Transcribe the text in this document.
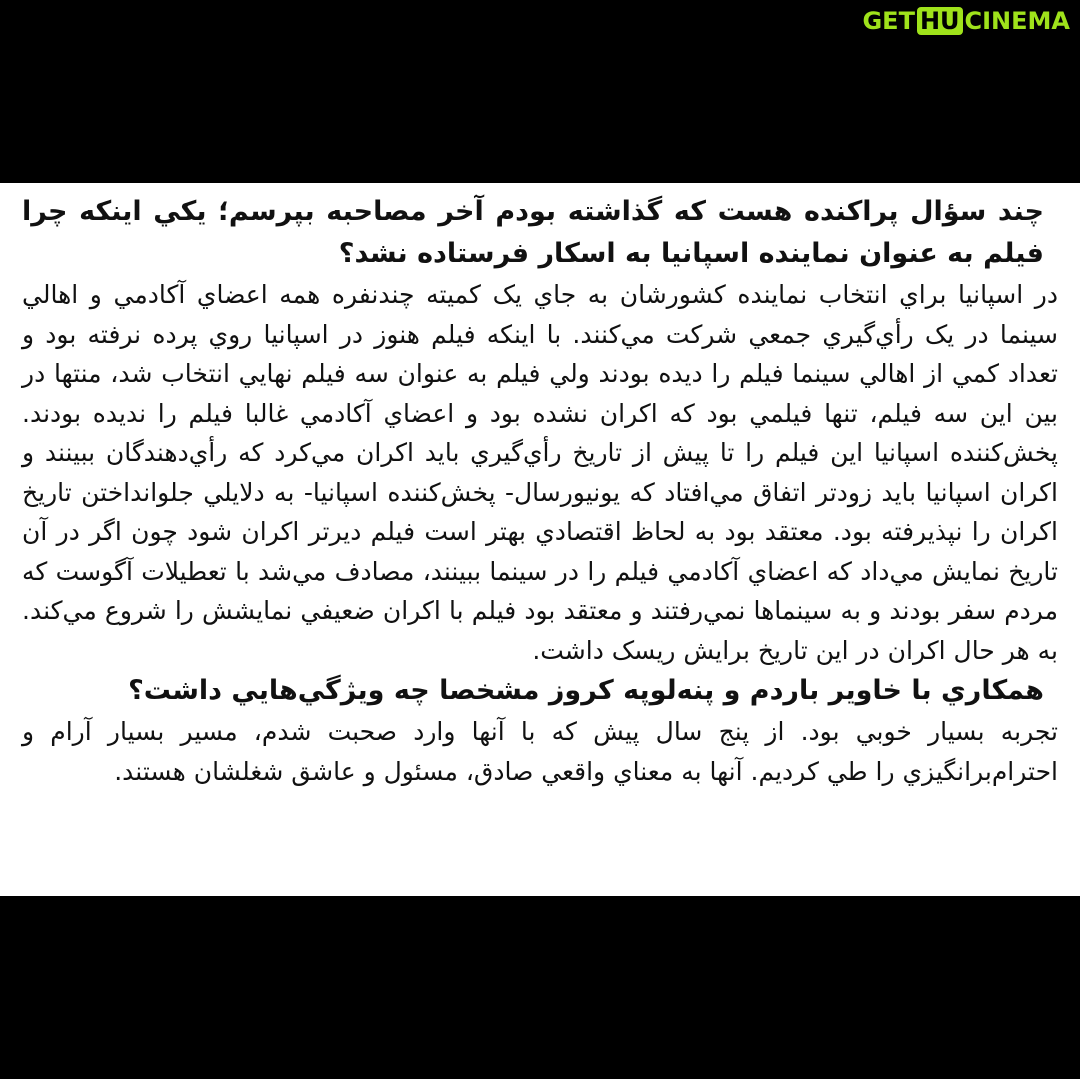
GET HU CINEMA

چند سؤال پراکنده هست که گذاشته بودم آخر مصاحبه بپرسم؛ يکي اينکه چرا فيلم به عنوان نماينده اسپانيا به اسکار فرستاده نشد؟

در اسپانيا براي انتخاب نماينده کشورشان به جاي يک کميته چندنفره همه اعضاي آکادمي و اهالي سينما در يک رأي‌گيري جمعي شرکت مي‌کنند. با اينکه فيلم هنوز در اسپانيا روي پرده نرفته بود و تعداد کمي از اهالي سينما فيلم را ديده بودند ولي فيلم به عنوان سه فيلم نهايي انتخاب شد، منتها در بين اين سه فيلم، تنها فيلمي بود که اکران نشده بود و اعضاي آکادمي غالبا فيلم را نديده بودند. پخش‌کننده اسپانيا اين فيلم را تا پيش از تاريخ رأي‌گيري بايد اکران مي‌کرد که رأي‌دهندگان ببينند و اکران اسپانيا بايد زودتر اتفاق مي‌افتاد که يونيورسال- پخش‌کننده اسپانيا- به دلايلي جلوانداختن تاريخ اکران را نپذيرفته بود. معتقد بود به لحاظ اقتصادي بهتر است فيلم ديرتر اکران شود چون اگر در آن تاريخ نمايش مي‌داد که اعضاي آکادمي فيلم را در سينما ببينند، مصادف مي‌شد با تعطيلات آگوست که مردم سفر بودند و به سينماها نمي‌رفتند و معتقد بود فيلم با اکران ضعيفي نمايشش را شروع مي‌کند. به هر حال اکران در اين تاريخ برايش ريسک داشت.

همکاري با خاوير باردم و پنه‌لوپه کروز مشخصا چه ويژگي‌هايي داشت؟

تجربه بسيار خوبي بود. از پنج سال پيش که با آنها وارد صحبت شدم، مسير بسيار آرام و احترام‌برانگيزي را طي کرديم. آنها به معناي واقعي صادق، مسئول و عاشق شغلشان هستند.
